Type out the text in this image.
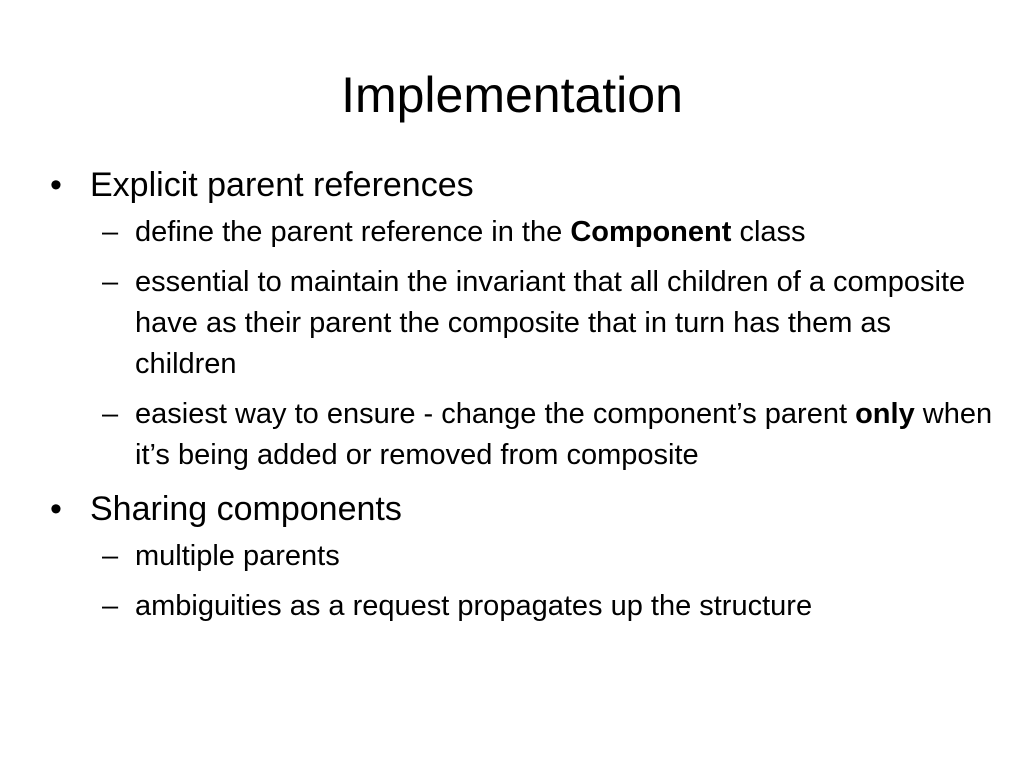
Implementation
• Explicit parent references
– define the parent reference in the Component class
– essential to maintain the invariant that all children of a composite have as their parent the composite that in turn has them as children
– easiest way to ensure - change the component’s parent only when it’s being added or removed from composite
• Sharing components
– multiple parents
– ambiguities as a request propagates up the structure
